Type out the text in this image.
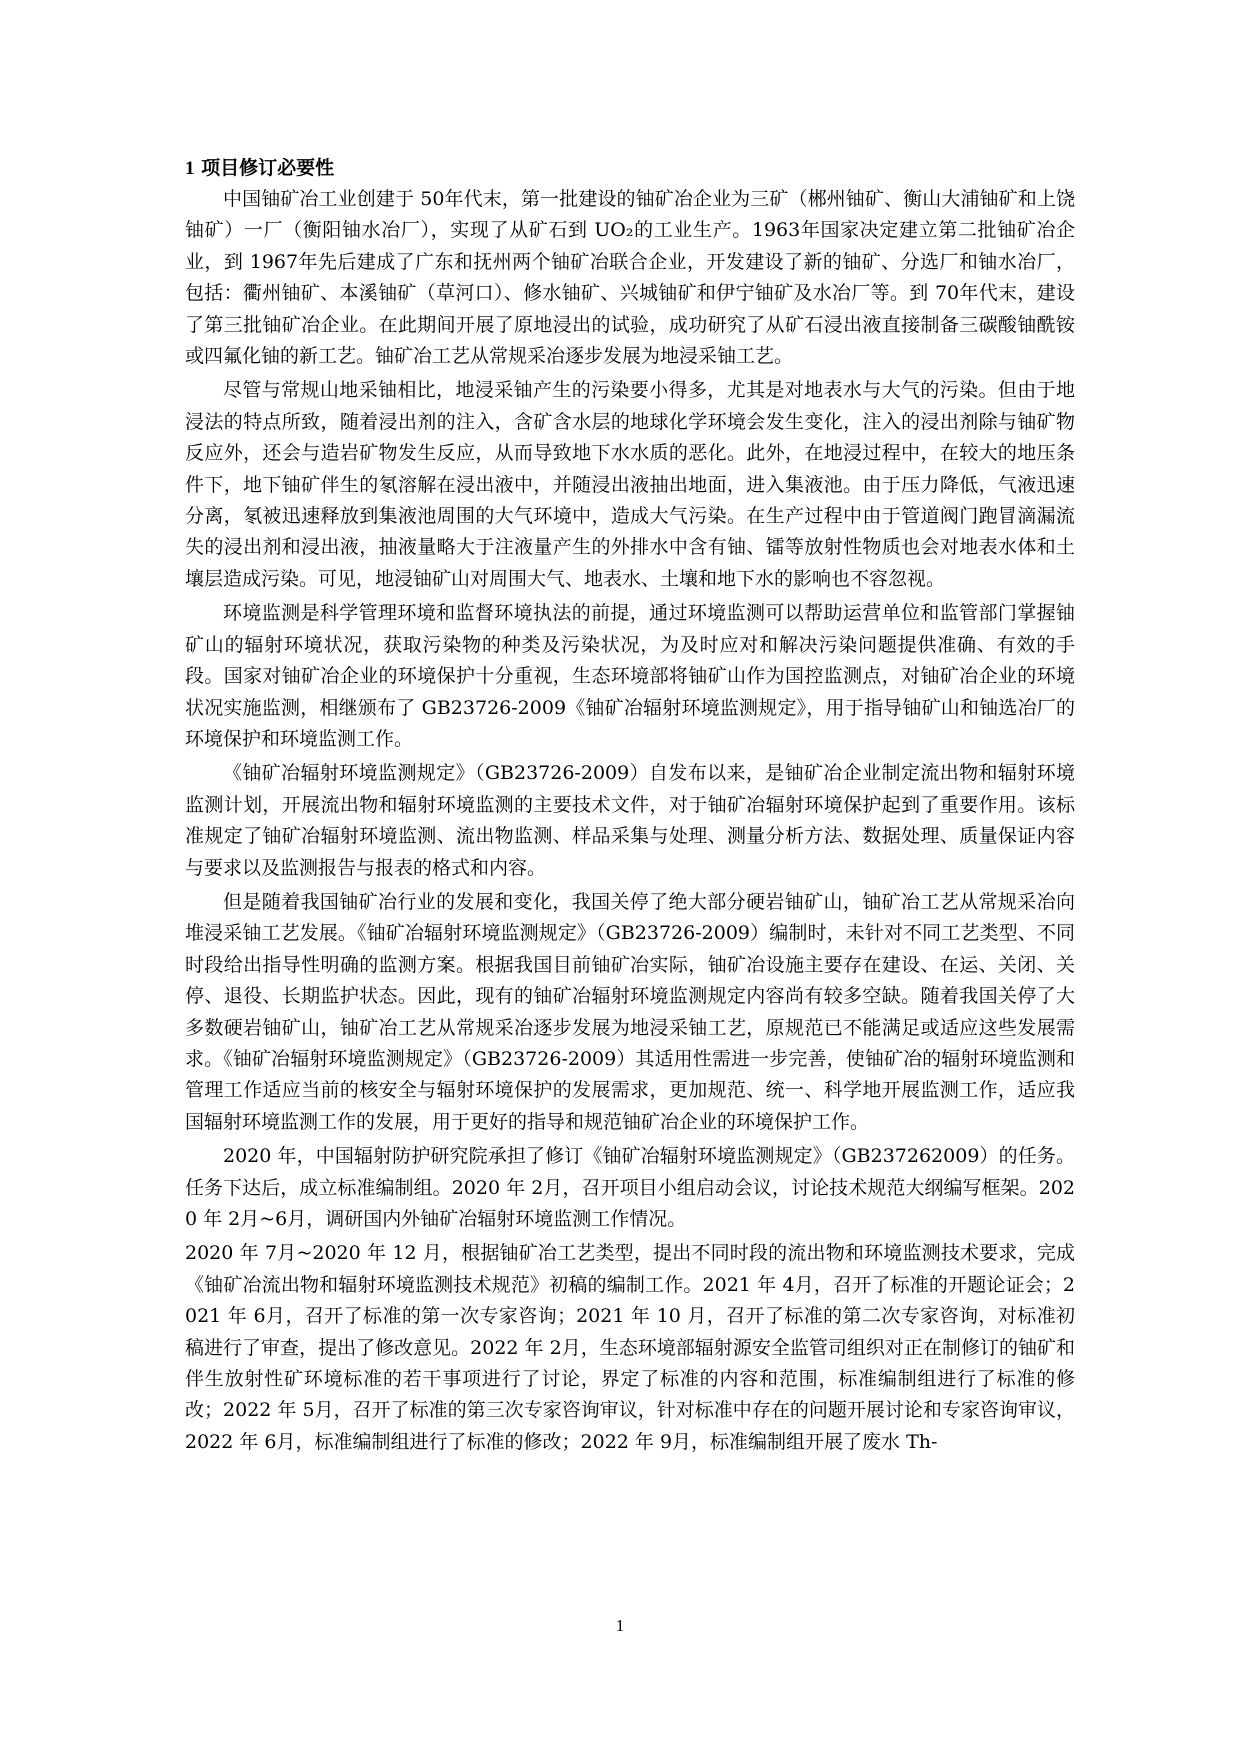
1 项目修订必要性

中国铀矿冶工业创建于 50年代末，第一批建设的铀矿冶企业为三矿（郴州铀矿、衡山大浦铀矿和上饶铀矿）一厂（衡阳铀水冶厂），实现了从矿石到 UO₂的工业生产。1963年国家决定建立第二批铀矿冶企业，到 1967年先后建成了广东和抚州两个铀矿冶联合企业，开发建设了新的铀矿、分选厂和铀水冶厂，包括：衢州铀矿、本溪铀矿（草河口）、修水铀矿、兴城铀矿和伊宁铀矿及水冶厂等。到 70年代末，建设了第三批铀矿冶企业。在此期间开展了原地浸出的试验，成功研究了从矿石浸出液直接制备三碳酸铀酰铵或四氟化铀的新工艺。铀矿冶工艺从常规采冶逐步发展为地浸采铀工艺。

尽管与常规山地采铀相比，地浸采铀产生的污染要小得多，尤其是对地表水与大气的污染。但由于地浸法的特点所致，随着浸出剂的注入，含矿含水层的地球化学环境会发生变化，注入的浸出剂除与铀矿物反应外，还会与造岩矿物发生反应，从而导致地下水水质的恶化。此外，在地浸过程中，在较大的地压条件下，地下铀矿伴生的氡溶解在浸出液中，并随浸出液抽出地面，进入集液池。由于压力降低，气液迅速分离，氡被迅速释放到集液池周围的大气环境中，造成大气污染。在生产过程中由于管道阀门跑冒滴漏流失的浸出剂和浸出液，抽液量略大于注液量产生的外排水中含有铀、镭等放射性物质也会对地表水体和土壤层造成污染。可见，地浸铀矿山对周围大气、地表水、土壤和地下水的影响也不容忽视。

环境监测是科学管理环境和监督环境执法的前提，通过环境监测可以帮助运营单位和监管部门掌握铀矿山的辐射环境状况，获取污染物的种类及污染状况，为及时应对和解决污染问题提供准确、有效的手段。国家对铀矿冶企业的环境保护十分重视，生态环境部将铀矿山作为国控监测点，对铀矿冶企业的环境状况实施监测，相继颁布了 GB23726-2009《铀矿冶辐射环境监测规定》，用于指导铀矿山和铀选冶厂的环境保护和环境监测工作。

《铀矿冶辐射环境监测规定》（GB23726-2009）自发布以来，是铀矿冶企业制定流出物和辐射环境监测计划，开展流出物和辐射环境监测的主要技术文件，对于铀矿冶辐射环境保护起到了重要作用。该标准规定了铀矿冶辐射环境监测、流出物监测、样品采集与处理、测量分析方法、数据处理、质量保证内容与要求以及监测报告与报表的格式和内容。

但是随着我国铀矿冶行业的发展和变化，我国关停了绝大部分硬岩铀矿山，铀矿冶工艺从常规采冶向堆浸采铀工艺发展。《铀矿冶辐射环境监测规定》（GB23726-2009）编制时，未针对不同工艺类型、不同时段给出指导性明确的监测方案。根据我国目前铀矿冶实际，铀矿冶设施主要存在建设、在运、关闭、关停、退役、长期监护状态。因此，现有的铀矿冶辐射环境监测规定内容尚有较多空缺。随着我国关停了大多数硬岩铀矿山，铀矿冶工艺从常规采冶逐步发展为地浸采铀工艺，原规范已不能满足或适应这些发展需求。《铀矿冶辐射环境监测规定》（GB23726-2009）其适用性需进一步完善，使铀矿冶的辐射环境监测和管理工作适应当前的核安全与辐射环境保护的发展需求，更加规范、统一、科学地开展监测工作，适应我国辐射环境监测工作的发展，用于更好的指导和规范铀矿冶企业的环境保护工作。

2020 年，中国辐射防护研究院承担了修订《铀矿冶辐射环境监测规定》（GB237262009）的任务。任务下达后，成立标准编制组。2020 年 2月，召开项目小组启动会议，讨论技术规范大纲编写框架。2020 年 2月~6月，调研国内外铀矿冶辐射环境监测工作情况。

2020 年 7月~2020 年 12 月，根据铀矿冶工艺类型，提出不同时段的流出物和环境监测技术要求，完成《铀矿冶流出物和辐射环境监测技术规范》初稿的编制工作。2021 年 4月，召开了标准的开题论证会；2021 年 6月，召开了标准的第一次专家咨询；2021 年 10 月，召开了标准的第二次专家咨询，对标准初稿进行了审查，提出了修改意见。2022 年 2月，生态环境部辐射源安全监管司组织对正在制修订的铀矿和伴生放射性矿环境标准的若干事项进行了讨论，界定了标准的内容和范围，标准编制组进行了标准的修改；2022 年 5月，召开了标准的第三次专家咨询审议，针对标准中存在的问题开展讨论和专家咨询审议，2022 年 6月，标准编制组进行了标准的修改；2022 年 9月，标准编制组开展了废水 Th-

1
